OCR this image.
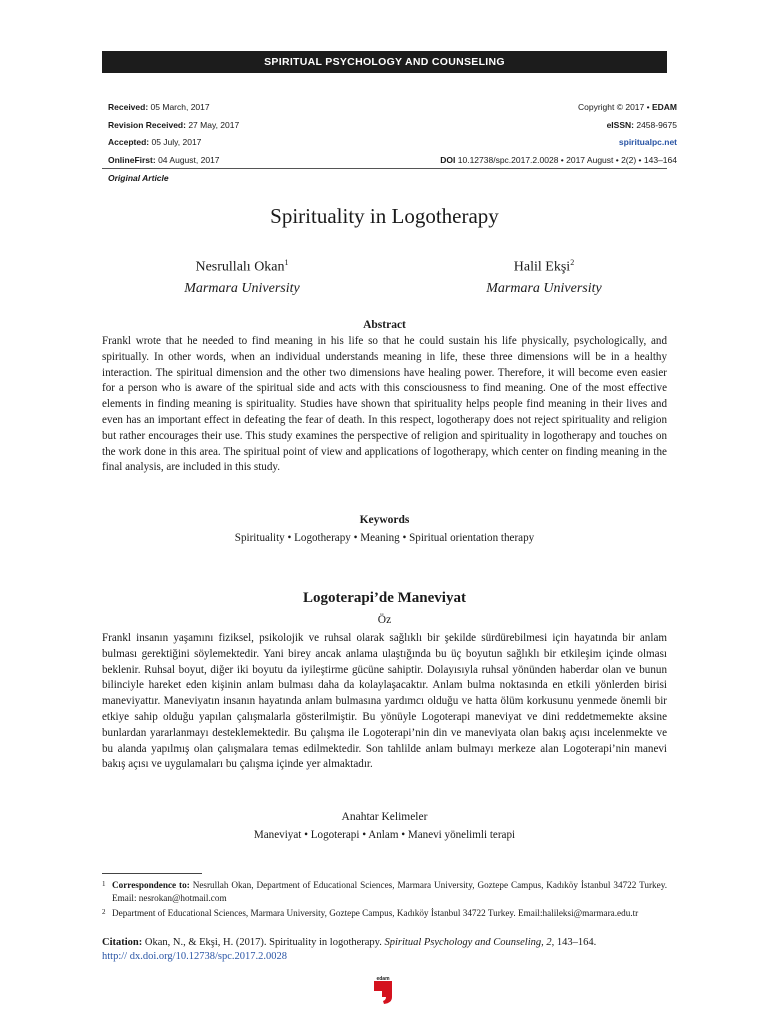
SPIRITUAL PSYCHOLOGY AND COUNSELING
Received: 05 March, 2017	Copyright © 2017 • EDAM
Revision Received: 27 May, 2017	eISSN: 2458-9675
Accepted: 05 July, 2017	spiritualpc.net
OnlineFirst: 04 August, 2017	DOI 10.12738/spc.2017.2.0028 • 2017 August • 2(2) • 143–164
Original Article
Spirituality in Logotherapy
Nesrullalı Okan$^1$
Marmara University
Halil Ekşi$^2$
Marmara University
Abstract
Frankl wrote that he needed to find meaning in his life so that he could sustain his life physically, psychologically, and spiritually. In other words, when an individual understands meaning in life, these three dimensions will be in a healthy interaction. The spiritual dimension and the other two dimensions have healing power. Therefore, it will become even easier for a person who is aware of the spiritual side and acts with this consciousness to find meaning. One of the most effective elements in finding meaning is spirituality. Studies have shown that spirituality helps people find meaning in their lives and even has an important effect in defeating the fear of death. In this respect, logotherapy does not reject spirituality and religion but rather encourages their use. This study examines the perspective of religion and spirituality in logotherapy and touches on the work done in this area. The spiritual point of view and applications of logotherapy, which center on finding meaning in the final analysis, are included in this study.
Keywords
Spirituality • Logotherapy • Meaning • Spiritual orientation therapy
Logoterapi’de Maneviyat
Öz
Frankl insanın yaşamını fiziksel, psikolojik ve ruhsal olarak sağlıklı bir şekilde sürdürebilmesi için hayatında bir anlam bulması gerektiğini söylemektedir. Yani birey ancak anlama ulaştığında bu üç boyutun sağlıklı bir etkileşim içinde olması beklenir. Ruhsal boyut, diğer iki boyutu da iyileştirme gücüne sahiptir. Dolayısıyla ruhsal yönünden haberdar olan ve bunun bilinciyle hareket eden kişinin anlam bulması daha da kolaylaşacaktır. Anlam bulma noktasında en etkili yönlerden birisi maneviyattır. Maneviyatın insanın hayatında anlam bulmasına yardımcı olduğu ve hatta ölüm korkusunu yenmede önemli bir etkiye sahip olduğu yapılan çalışmalarla gösterilmiştir. Bu yönüyle Logoterapi maneviyat ve dini reddetmemekte aksine bunlardan yararlanmayı desteklemektedir. Bu çalışma ile Logoterapi’nin din ve maneviyata olan bakış açısı incelenmekte ve bu alanda yapılmış olan çalışmalara temas edilmektedir. Son tahlilde anlam bulmayı merkeze alan Logoterapi’nin manevi bakış açısı ve uygulamaları bu çalışma içinde yer almaktadır.
Anahtar Kelimeler
Maneviyat • Logoterapi • Anlam • Manevi yönelimli terapi
1 Correspondence to: Nesrullah Okan, Department of Educational Sciences, Marmara University, Goztepe Campus, Kadıköy İstanbul 34722 Turkey. Email: nesrokan@hotmail.com
2 Department of Educational Sciences, Marmara University, Goztepe Campus, Kadıköy İstanbul 34722 Turkey. Email:halileksi@marmara.edu.tr
Citation: Okan, N., & Ekşi, H. (2017). Spirituality in logotherapy. Spiritual Psychology and Counseling, 2, 143–164.
http:// dx.doi.org/10.12738/spc.2017.2.0028
edam
